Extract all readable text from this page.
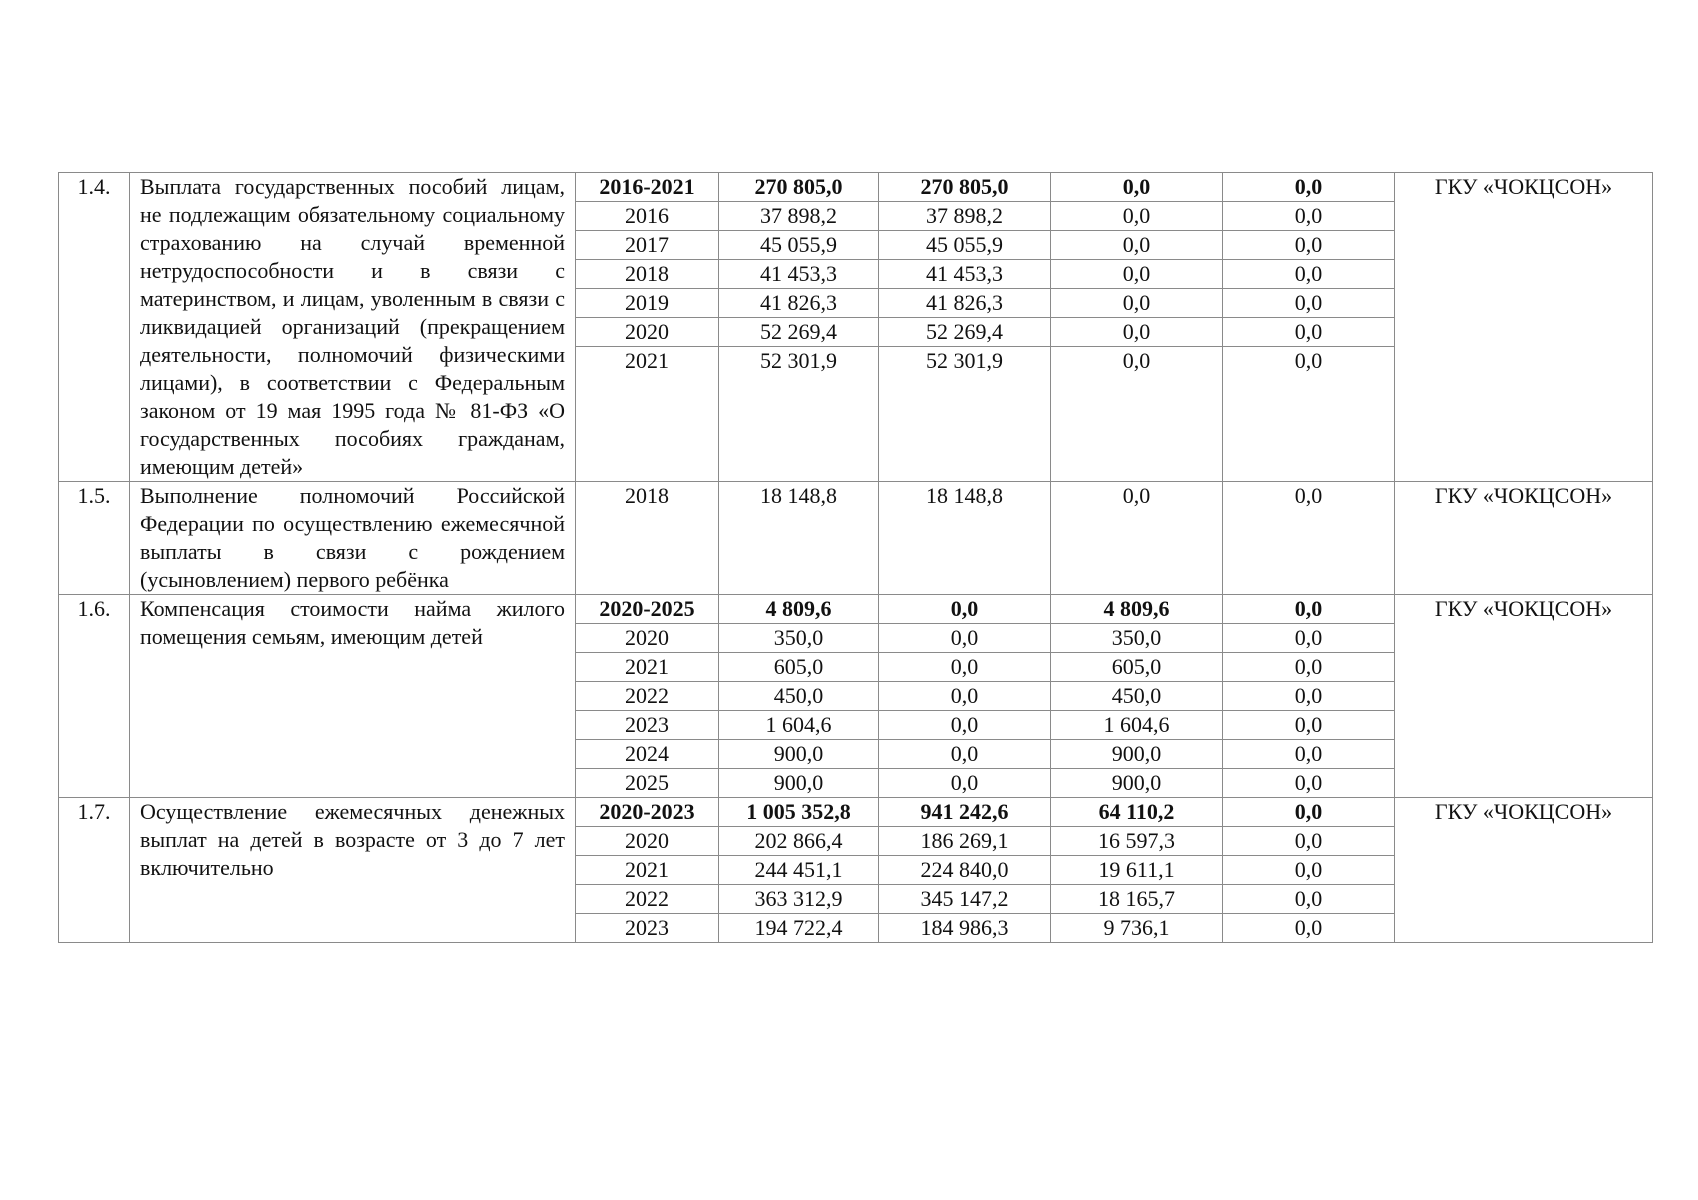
1.4.	Выплата государственных пособий лицам, не подлежащим обязательному социальному страхованию на случай временной нетрудоспособности и в связи с материнством, и лицам, уволенным в связи с ликвидацией организаций (прекращением деятельности, полномочий физическими лицами), в соответствии с Федеральным законом от 19 мая 1995 года № 81-ФЗ «О государственных пособиях гражданам, имеющим детей»	2016-2021	270 805,0	270 805,0	0,0	0,0	ГКУ «ЧОКЦСОН»
		2016	37 898,2	37 898,2	0,0	0,0	
		2017	45 055,9	45 055,9	0,0	0,0	
		2018	41 453,3	41 453,3	0,0	0,0	
		2019	41 826,3	41 826,3	0,0	0,0	
		2020	52 269,4	52 269,4	0,0	0,0	
		2021	52 301,9	52 301,9	0,0	0,0	
1.5.	Выполнение полномочий Российской Федерации по осуществлению ежемесячной выплаты в связи с рождением (усыновлением) первого ребёнка	2018	18 148,8	18 148,8	0,0	0,0	ГКУ «ЧОКЦСОН»
1.6.	Компенсация стоимости найма жилого помещения семьям, имеющим детей	2020-2025	4 809,6	0,0	4 809,6	0,0	ГКУ «ЧОКЦСОН»
		2020	350,0	0,0	350,0	0,0	
		2021	605,0	0,0	605,0	0,0	
		2022	450,0	0,0	450,0	0,0	
		2023	1 604,6	0,0	1 604,6	0,0	
		2024	900,0	0,0	900,0	0,0	
		2025	900,0	0,0	900,0	0,0	
1.7.	Осуществление ежемесячных денежных выплат на детей в возрасте от 3 до 7 лет включительно	2020-2023	1 005 352,8	941 242,6	64 110,2	0,0	ГКУ «ЧОКЦСОН»
		2020	202 866,4	186 269,1	16 597,3	0,0	
		2021	244 451,1	224 840,0	19 611,1	0,0	
		2022	363 312,9	345 147,2	18 165,7	0,0	
		2023	194 722,4	184 986,3	9 736,1	0,0	
